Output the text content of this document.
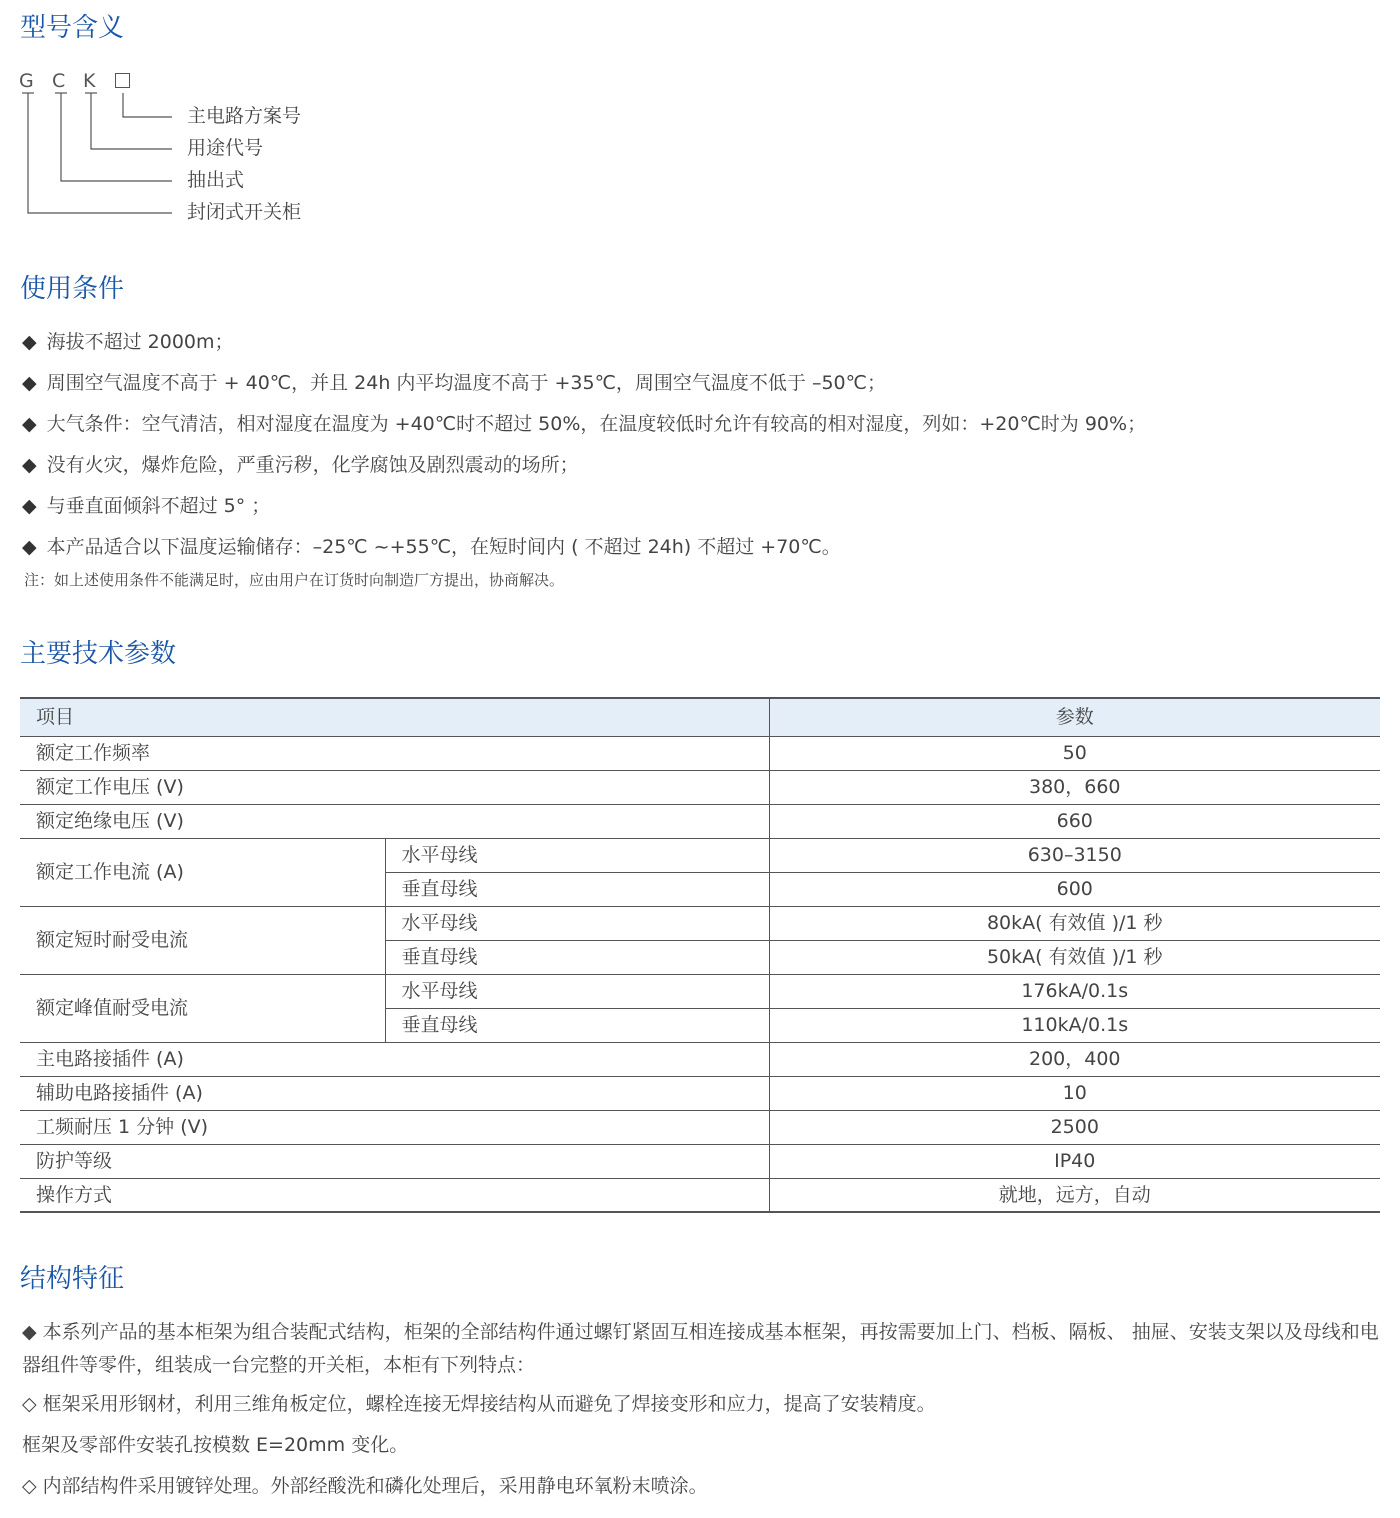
型号含义
G C K
主电路方案号
用途代号
抽出式
封闭式开关柜
使用条件
◆ 海拔不超过 2000m；
◆ 周围空气温度不高于 + 40℃，并且 24h 内平均温度不高于 +35℃，周围空气温度不低于 –50℃；
◆ 大气条件：空气清洁，相对湿度在温度为 +40℃时不超过 50%，在温度较低时允许有较高的相对湿度，列如：+20℃时为 90%；
◆ 没有火灾，爆炸危险，严重污秽，化学腐蚀及剧烈震动的场所；
◆ 与垂直面倾斜不超过 5° ；
◆ 本产品适合以下温度运输储存：–25℃ ~+55℃，在短时间内 ( 不超过 24h) 不超过 +70℃。
注：如上述使用条件不能满足时，应由用户在订货时向制造厂方提出，协商解决。
主要技术参数
项目		参数
额定工作频率		50
额定工作电压 (V)		380，660
额定绝缘电压 (V)		660
额定工作电流 (A)	水平母线	630–3150
	垂直母线	600
额定短时耐受电流	水平母线	80kA( 有效值 )/1 秒
	垂直母线	50kA( 有效值 )/1 秒
额定峰值耐受电流	水平母线	176kA/0.1s
	垂直母线	110kA/0.1s
主电路接插件 (A)		200，400
辅助电路接插件 (A)		10
工频耐压 1 分钟 (V)		2500
防护等级		IP40
操作方式		就地，远方，自动
结构特征
◆ 本系列产品的基本柜架为组合装配式结构，柜架的全部结构件通过螺钉紧固互相连接成基本框架，再按需要加上门、档板、隔板、 抽屉、安装支架以及母线和电器组件等零件，组装成一台完整的开关柜，本柜有下列特点：
◇ 框架采用形钢材，利用三维角板定位，螺栓连接无焊接结构从而避免了焊接变形和应力，提高了安装精度。
框架及零部件安装孔按模数 E=20mm 变化。
◇ 内部结构件采用镀锌处理。外部经酸洗和磷化处理后，采用静电环氧粉末喷涂。
